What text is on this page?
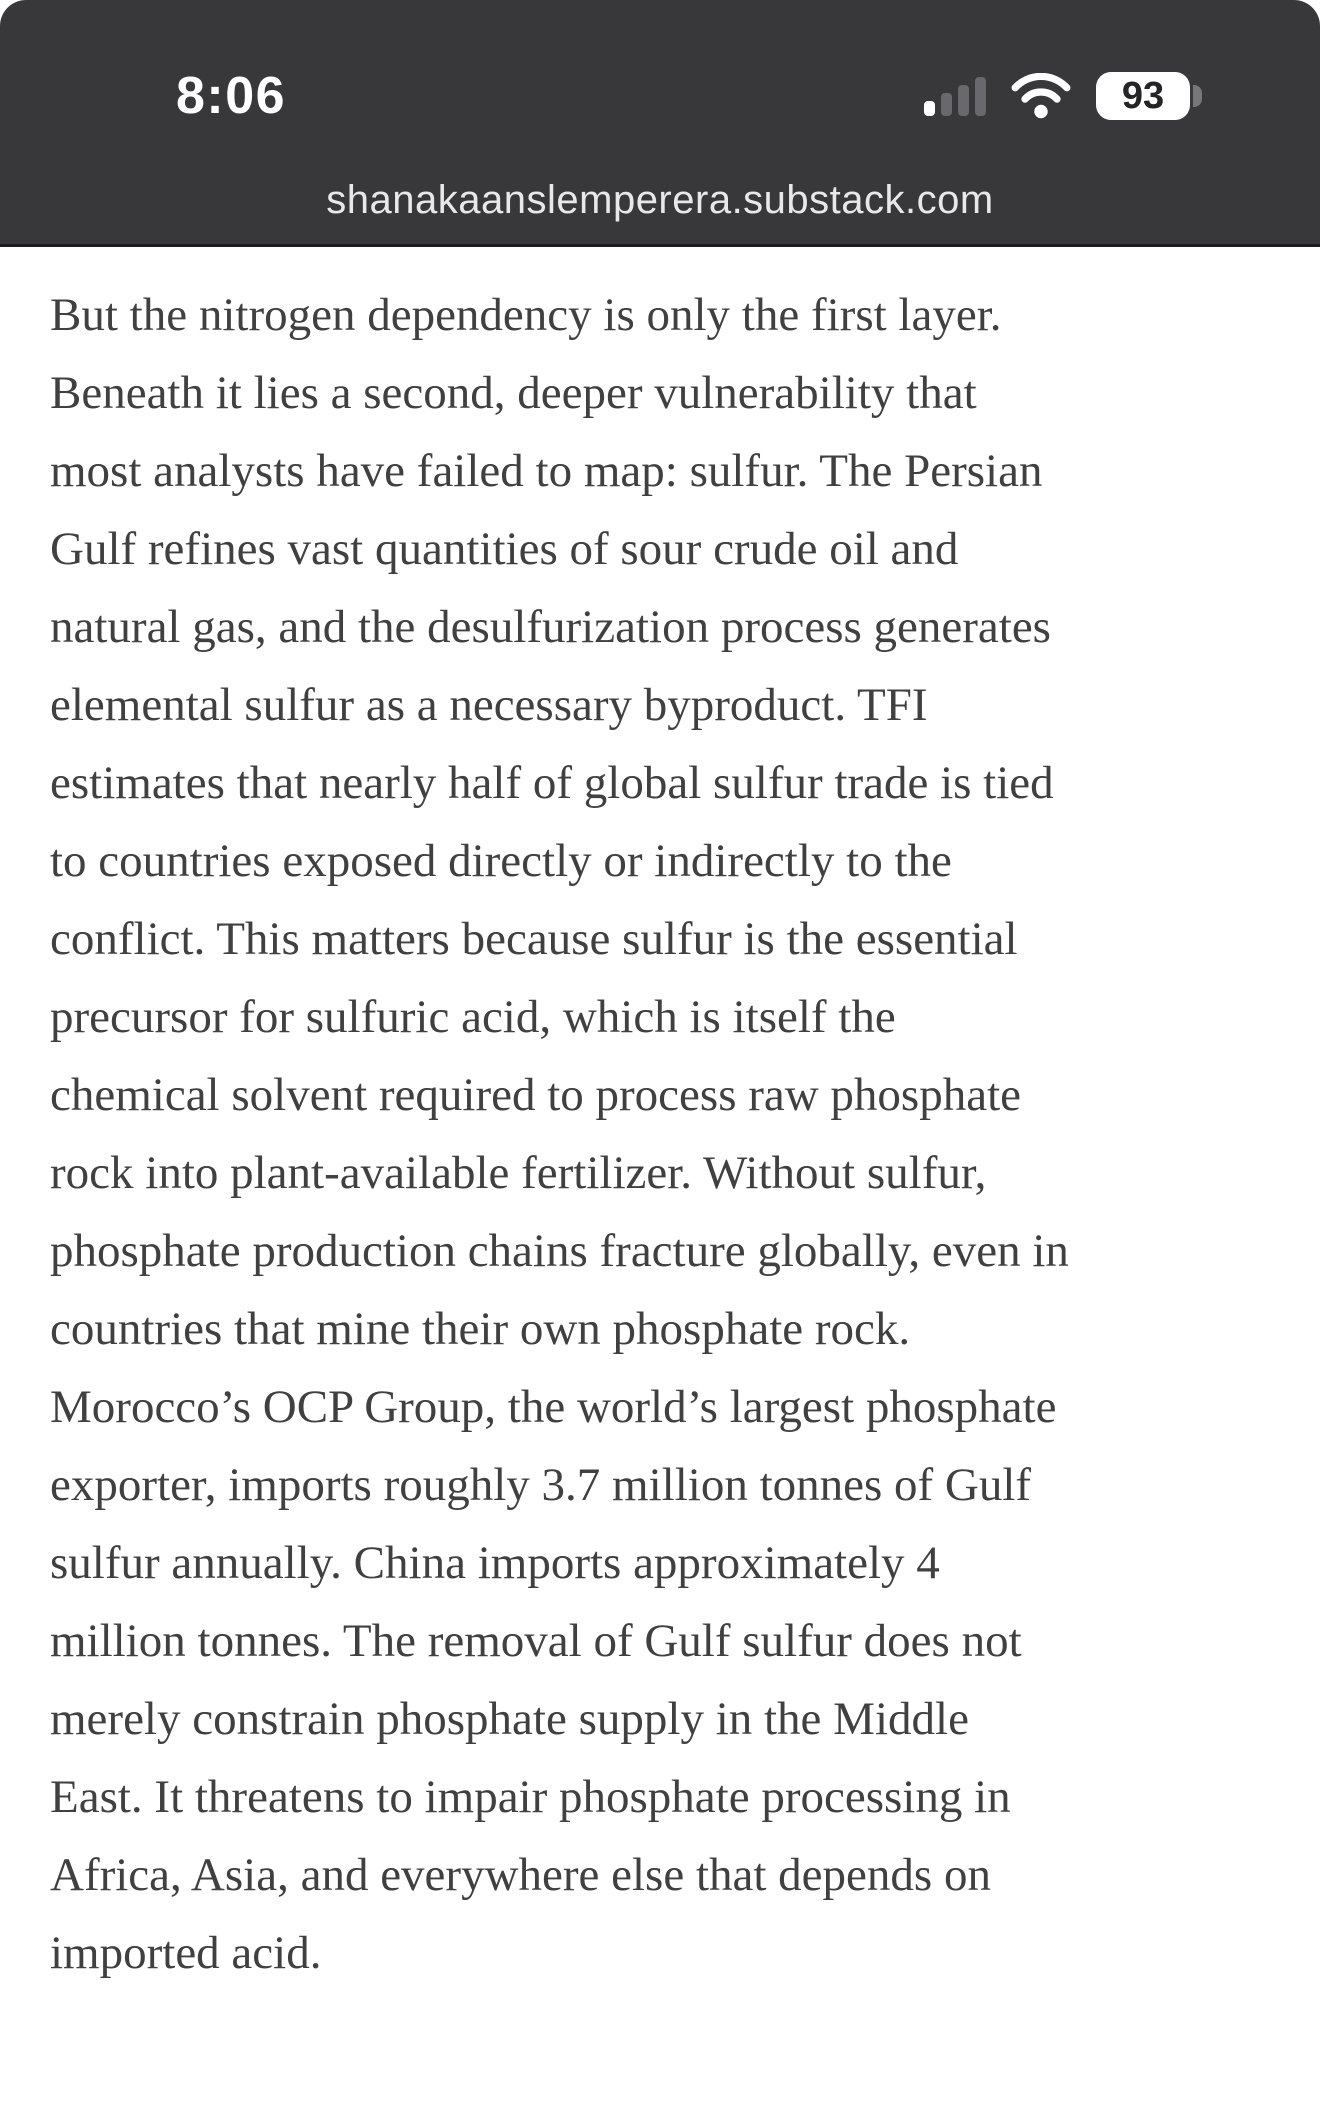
8:06	93
shanakaanslemperera.substack.com
But the nitrogen dependency is only the first layer.
Beneath it lies a second, deeper vulnerability that
most analysts have failed to map: sulfur. The Persian
Gulf refines vast quantities of sour crude oil and
natural gas, and the desulfurization process generates
elemental sulfur as a necessary byproduct. TFI
estimates that nearly half of global sulfur trade is tied
to countries exposed directly or indirectly to the
conflict. This matters because sulfur is the essential
precursor for sulfuric acid, which is itself the
chemical solvent required to process raw phosphate
rock into plant-available fertilizer. Without sulfur,
phosphate production chains fracture globally, even in
countries that mine their own phosphate rock.
Morocco’s OCP Group, the world’s largest phosphate
exporter, imports roughly 3.7 million tonnes of Gulf
sulfur annually. China imports approximately 4
million tonnes. The removal of Gulf sulfur does not
merely constrain phosphate supply in the Middle
East. It threatens to impair phosphate processing in
Africa, Asia, and everywhere else that depends on
imported acid.
